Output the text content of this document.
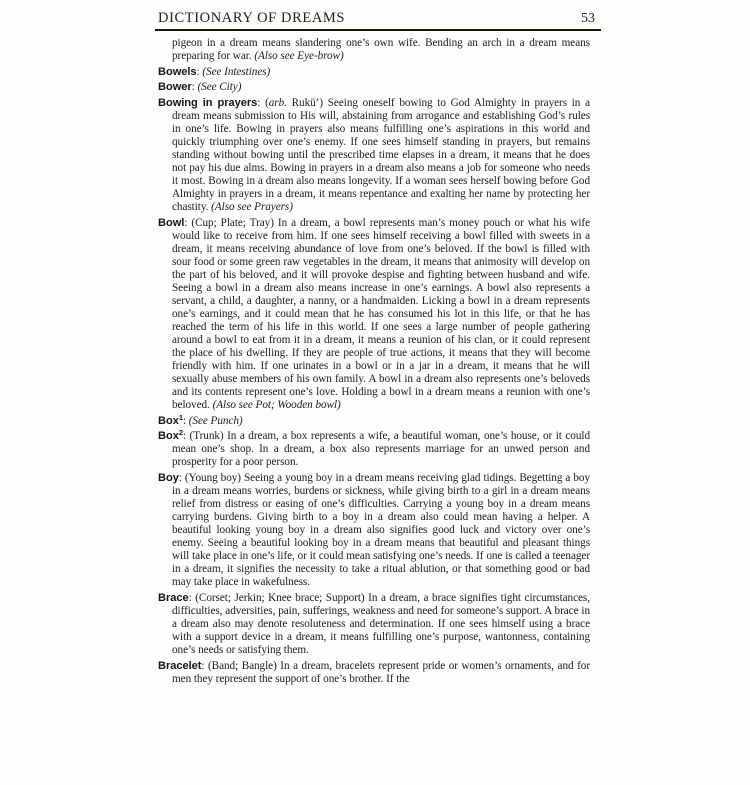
DICTIONARY OF DREAMS	53

pigeon in a dream means slandering one’s own wife. Bending an arch in a dream means preparing for war. (Also see Eye-brow)

Bowels: (See Intestines)

Bower: (See City)

Bowing in prayers: (arb. Rukü’) Seeing oneself bowing to God Almighty in prayers in a dream means submission to His will, abstaining from arrogance and establishing God’s rules in one’s life. Bowing in prayers also means fulfilling one’s aspirations in this world and quickly triumphing over one’s enemy. If one sees himself standing in prayers, but remains standing without bowing until the prescribed time elapses in a dream, it means that he does not pay his due alms. Bowing in prayers in a dream also means a job for someone who needs it most. Bowing in a dream also means longevity. If a woman sees herself bowing before God Almighty in prayers in a dream, it means repentance and exalting her name by protecting her chastity. (Also see Prayers)

Bowl: (Cup; Plate; Tray) In a dream, a bowl represents man’s money pouch or what his wife would like to receive from him. If one sees himself receiving a bowl filled with sweets in a dream, it means receiving abundance of love from one’s beloved. If the bowl is filled with sour food or some green raw vegetables in the dream, it means that animosity will develop on the part of his beloved, and it will provoke despise and fighting between husband and wife. Seeing a bowl in a dream also means increase in one’s earnings. A bowl also represents a servant, a child, a daughter, a nanny, or a handmaiden. Licking a bowl in a dream represents one’s earnings, and it could mean that he has consumed his lot in this life, or that he has reached the term of his life in this world. If one sees a large number of people gathering around a bowl to eat from it in a dream, it means a reunion of his clan, or it could represent the place of his dwelling. If they are people of true actions, it means that they will become friendly with him. If one urinates in a bowl or in a jar in a dream, it means that he will sexually abuse members of his own family. A bowl in a dream also represents one’s beloveds and its contents represent one’s love. Holding a bowl in a dream means a reunion with one’s beloved. (Also see Pot; Wooden bowl)

Box$^1$: (See Punch)

Box$^2$: (Trunk) In a dream, a box represents a wife, a beautiful woman, one’s house, or it could mean one’s shop. In a dream, a box also represents marriage for an unwed person and prosperity for a poor person.

Boy: (Young boy) Seeing a young boy in a dream means receiving glad tidings. Begetting a boy in a dream means worries, burdens or sickness, while giving birth to a girl in a dream means relief from distress or easing of one’s difficulties. Carrying a young boy in a dream means carrying burdens. Giving birth to a boy in a dream also could mean having a helper. A beautiful looking young boy in a dream also signifies good luck and victory over one’s enemy. Seeing a beautiful looking boy in a dream means that beautiful and pleasant things will take place in one’s life, or it could mean satisfying one’s needs. If one is called a teenager in a dream, it signifies the necessity to take a ritual ablution, or that something good or bad may take place in wakefulness.

Brace: (Corset; Jerkin; Knee brace; Support) In a dream, a brace signifies tight circumstances, difficulties, adversities, pain, sufferings, weakness and need for someone’s support. A brace in a dream also may denote resoluteness and determination. If one sees himself using a brace with a support device in a dream, it means fulfilling one’s purpose, wantonness, containing one’s needs or satisfying them.

Bracelet: (Band; Bangle) In a dream, bracelets represent pride or women’s ornaments, and for men they represent the support of one’s brother. If the
